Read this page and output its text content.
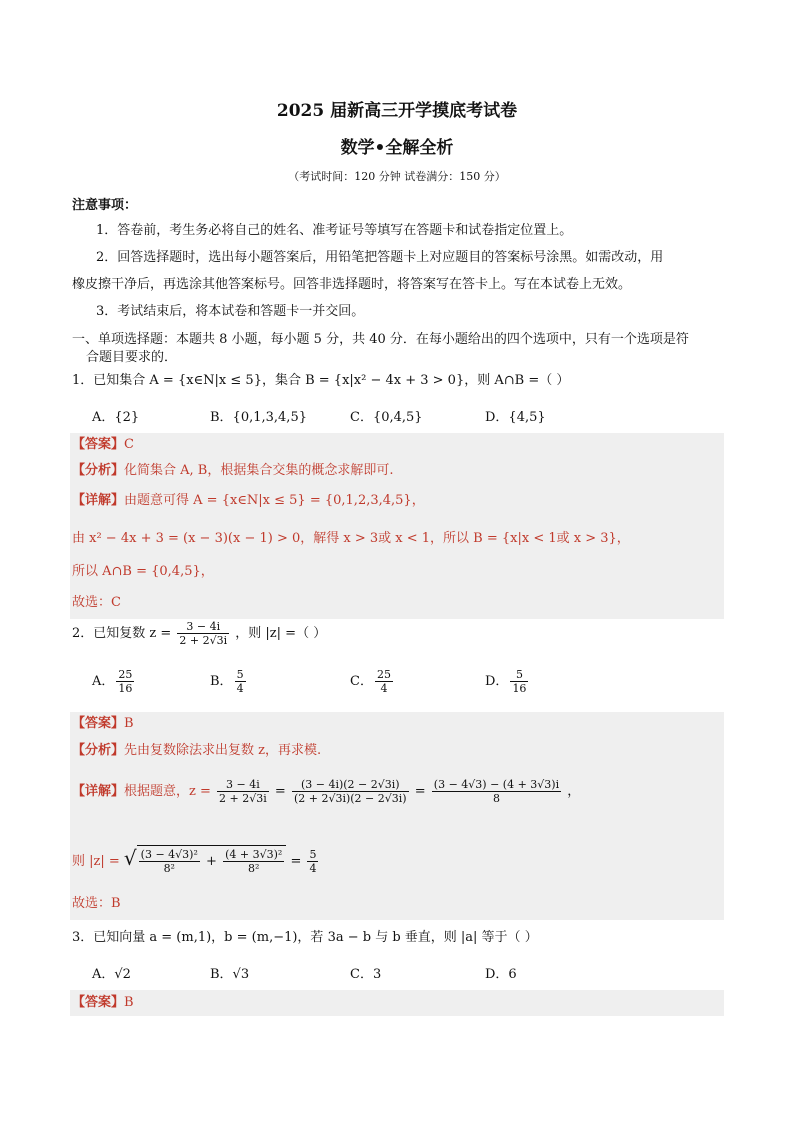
2025 届新高三开学摸底考试卷
数学•全解全析
（考试时间：120 分钟 试卷满分：150 分）
注意事项：
1．答卷前，考生务必将自己的姓名、准考证号等填写在答题卡和试卷指定位置上。
2．回答选择题时，选出每小题答案后，用铅笔把答题卡上对应题目的答案标号涂黑。如需改动，用
橡皮擦干净后，再选涂其他答案标号。回答非选择题时，将答案写在答卡上。写在本试卷上无效。
3．考试结束后，将本试卷和答题卡一并交回。
一、单项选择题：本题共 8 小题，每小题 5 分，共 40 分．在每小题给出的四个选项中，只有一个选项是符
合题目要求的．
1．已知集合 A = {x∈N|x ≤ 5}，集合 B = {x|x² − 4x + 3 > 0}，则 A∩B =（ ）
A．{2}	B．{0,1,3,4,5}	C．{0,4,5}	D．{4,5}
【答案】C
【分析】化简集合 A, B，根据集合交集的概念求解即可.
【详解】由题意可得 A = {x∈N|x ≤ 5} = {0,1,2,3,4,5}，
由 x² − 4x + 3 = (x − 3)(x − 1) > 0，解得 x > 3或 x < 1，所以 B = {x|x < 1或 x > 3}，
所以 A∩B = {0,4,5}，
故选：C
2．已知复数 $z = \frac{3 - 4i}{2 + 2√3i}$ ，则 |z| =（ ）
A． $\frac{25}{16}$	B． $\frac{5}{4}$	C． $\frac{25}{4}$	D． $\frac{5}{16}$
【答案】B
【分析】先由复数除法求出复数 z，再求模.
【详解】根据题意，$z = \frac{3 - 4i}{2 + 2√3i} = \frac{(3 - 4i)(2 - 2√3i)}{(2 + 2√3i)(2 - 2√3i)} = \frac{(3 - 4√3) - (4 + 3√3)i}{8}$ ，
则 |z| = √ $\frac{\text{(3 − 4√3)²}}{\text{8²}} + \frac{\text{(4 + 3√3)²}}{\text{8²}} = \frac{5}{4}$
故选：B
3．已知向量 a = (m,1)，b = (m,−1)，若 3a − b 与 b 垂直，则 |a| 等于（ ）
A．√2	B．√3	C．3	D．6
【答案】B
